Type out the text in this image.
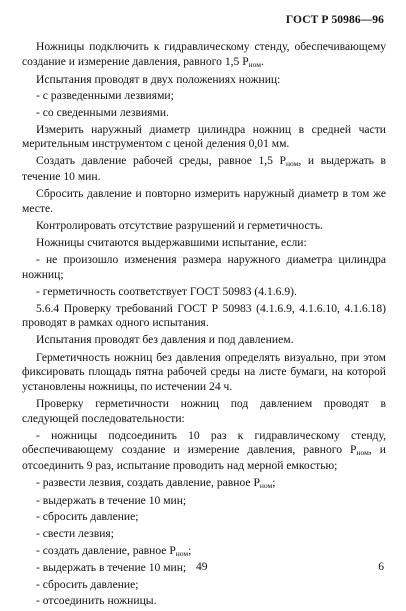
ГОСТ Р 50986—96

Ножницы подключить к гидравлическому стенду, обеспечивающему создание и измерение давления, равного 1,5 Pном.

Испытания проводят в двух положениях ножниц:

- с разведенными лезвиями;

- со сведенными лезвиями.

Измерить наружный диаметр цилиндра ножниц в средней части мерительным инструментом с ценой деления 0,01 мм.

Создать давление рабочей среды, равное 1,5 Pном, и выдержать в течение 10 мин.

Сбросить давление и повторно измерить наружный диаметр в том же месте.

Контролировать отсутствие разрушений и герметичность.

Ножницы считаются выдержавшими испытание, если:

- не произошло изменения размера наружного диаметра цилиндра ножниц;

- герметичность соответствует ГОСТ 50983 (4.1.6.9).

5.6.4 Проверку требований ГОСТ Р 50983 (4.1.6.9, 4.1.6.10, 4.1.6.18) проводят в рамках одного испытания.

Испытания проводят без давления и под давлением.

Герметичность ножниц без давления определять визуально, при этом фиксировать площадь пятна рабочей среды на листе бумаги, на которой установлены ножницы, по истечении 24 ч.

Проверку герметичности ножниц под давлением проводят в следующей последовательности:

- ножницы подсоединить 10 раз к гидравлическому стенду, обеспечивающему создание и измерение давления, равного Pном, и отсоединить 9 раз, испытание проводить над мерной емкостью;

- развести лезвия, создать давление, равное Pном;

- выдержать в течение 10 мин;

- сбросить давление;

- свести лезвия;

- создать давление, равное Pном;

- выдержать в течение 10 мин;

- сбросить давление;

- отсоединить ножницы.

49	6
